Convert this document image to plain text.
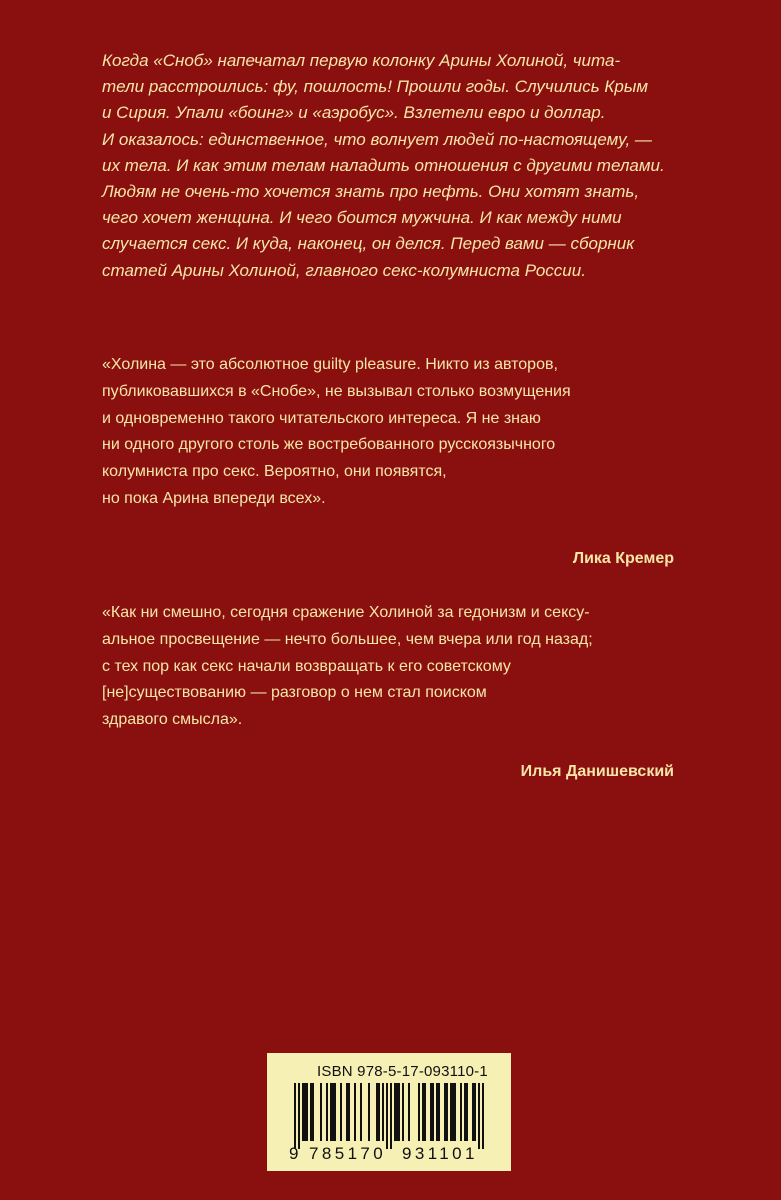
Когда «Сноб» напечатал первую колонку Арины Холиной, чита-
тели расстроились: фу, пошлость! Прошли годы. Случились Крым
и Сирия. Упали «боинг» и «аэробус». Взлетели евро и доллар.
И оказалось: единственное, что волнует людей по-настоящему, —
их тела. И как этим телам наладить отношения с другими телами.
Людям не очень-то хочется знать про нефть. Они хотят знать,
чего хочет женщина. И чего боится мужчина. И как между ними
случается секс. И куда, наконец, он делся. Перед вами — сборник
статей Арины Холиной, главного секс-колумниста России.
«Холина — это абсолютное guilty pleasure. Никто из авторов,
публиковавшихся в «Снобе», не вызывал столько возмущения
и одновременно такого читательского интереса. Я не знаю
ни одного другого столь же востребованного русскоязычного
колумниста про секс. Вероятно, они появятся,
но пока Арина впереди всех».
Лика Кремер
«Как ни смешно, сегодня сражение Холиной за гедонизм и сексу-
альное просвещение — нечто большее, чем вчера или год назад;
с тех пор как секс начали возвращать к его советскому
[не]существованию — разговор о нем стал поиском
здравого смысла».
Илья Данишевский
ISBN 978-5-17-093110-1
9 785170 931101
